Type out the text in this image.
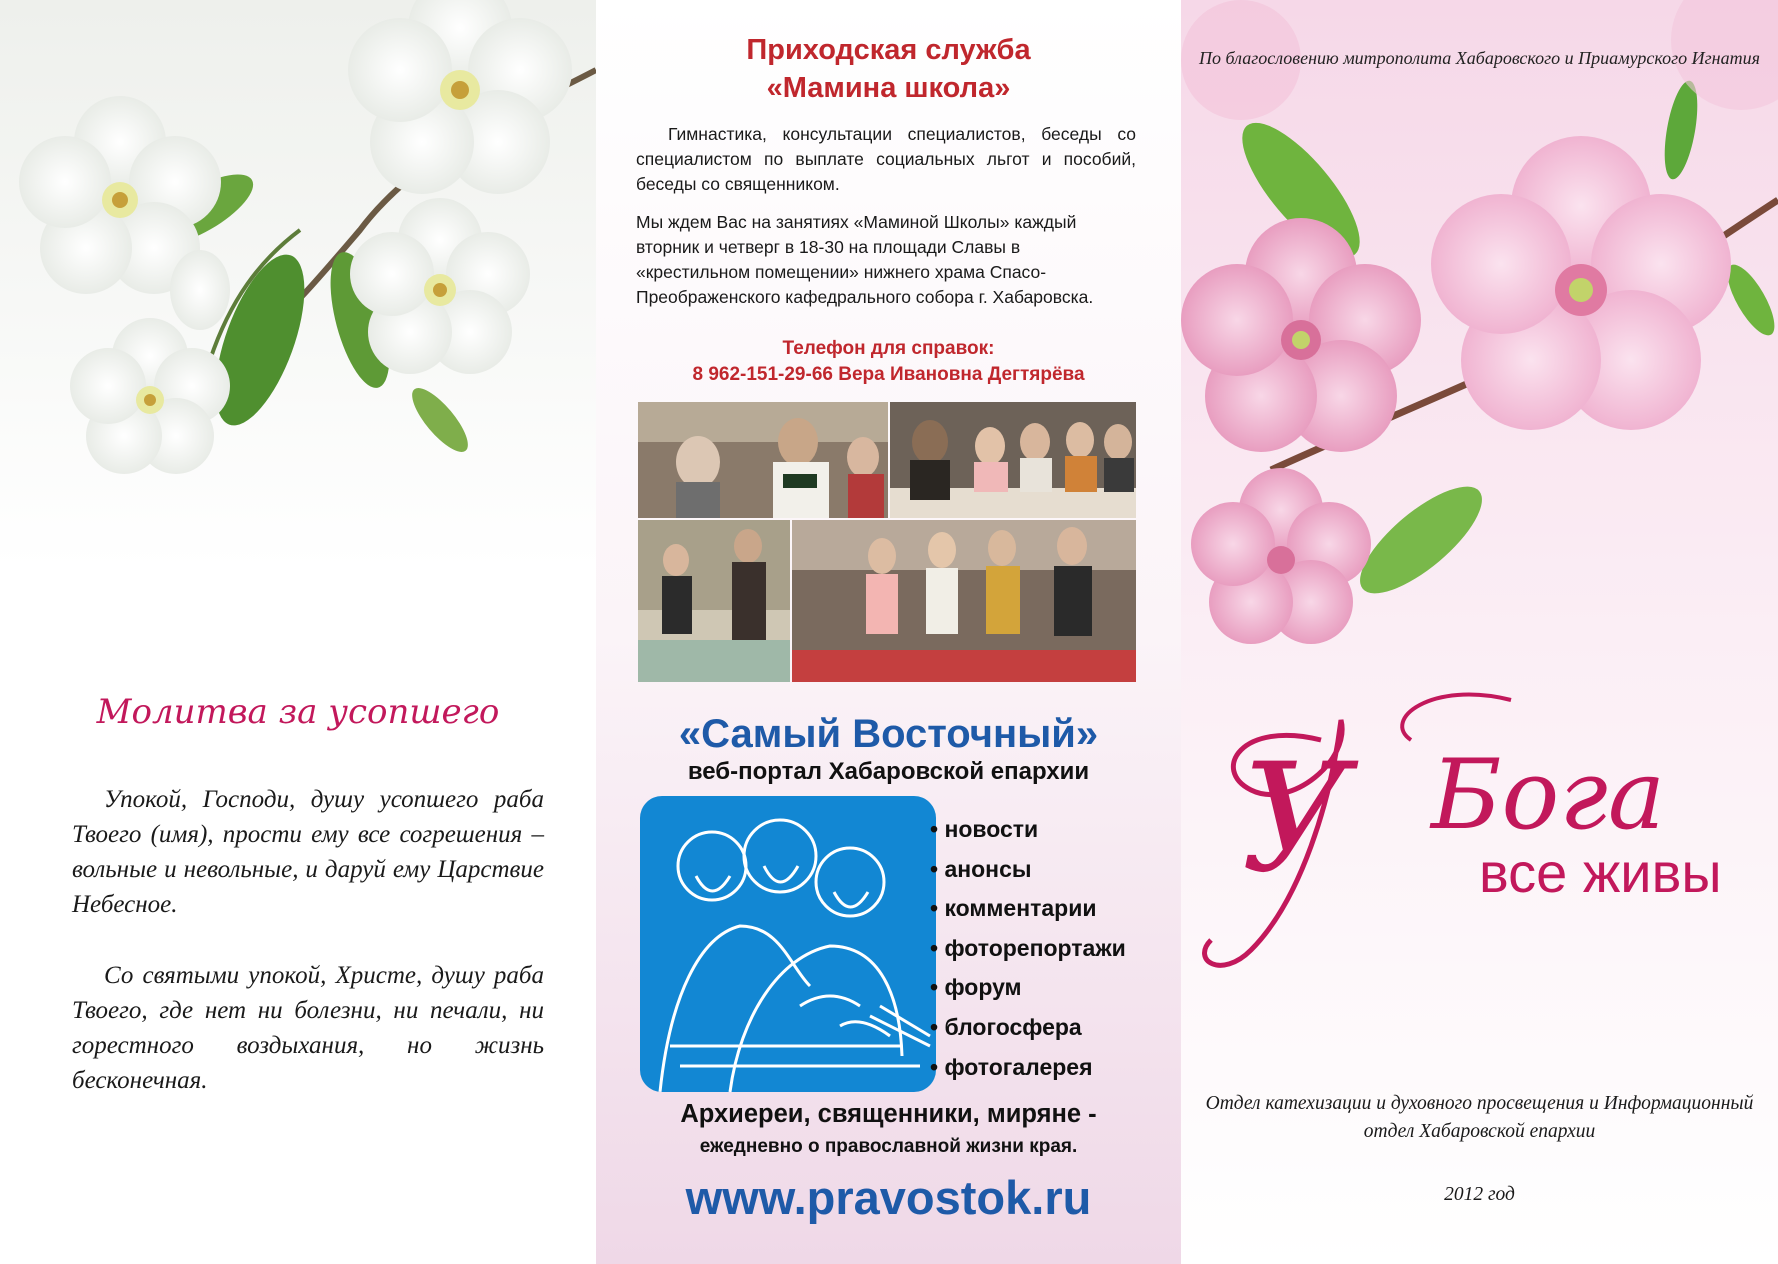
Молитва за усопшего

Упокой, Господи, душу усопшего раба Твоего (имя), прости ему все согрешения – вольные и невольные, и даруй ему Царствие Небесное.

Со святыми упокой, Христе, душу раба Твоего, где нет ни болезни, ни печали, ни горестного воздыхания, но жизнь бесконечная.

Приходская служба
«Мамина школа»

Гимнастика, консультации специалистов, беседы со специалистом по выплате социальных льгот и пособий, беседы со священником.

Мы ждем Вас на занятиях «Маминой Школы» каждый вторник и четверг в 18-30 на площади Славы в «крестильном помещении» нижнего храма Спасо-Преображенского кафедрального собора г. Хабаровска.

Телефон для справок:

8 962-151-29-66 Вера Ивановна Дегтярёва

«Самый Восточный»

веб-портал Хабаровской епархии

• новости
• анонсы
• комментарии
• фоторепортажи
• форум
• блогосфера
• фотогалерея

Архиереи, священники, миряне -

ежедневно о православной жизни края.

www.pravostok.ru

По благословению митрополита Хабаровского и Приамурского Игнатия

У Бога
все живы

Отдел катехизации и духовного просвещения и Информационный отдел Хабаровской епархии

2012 год
